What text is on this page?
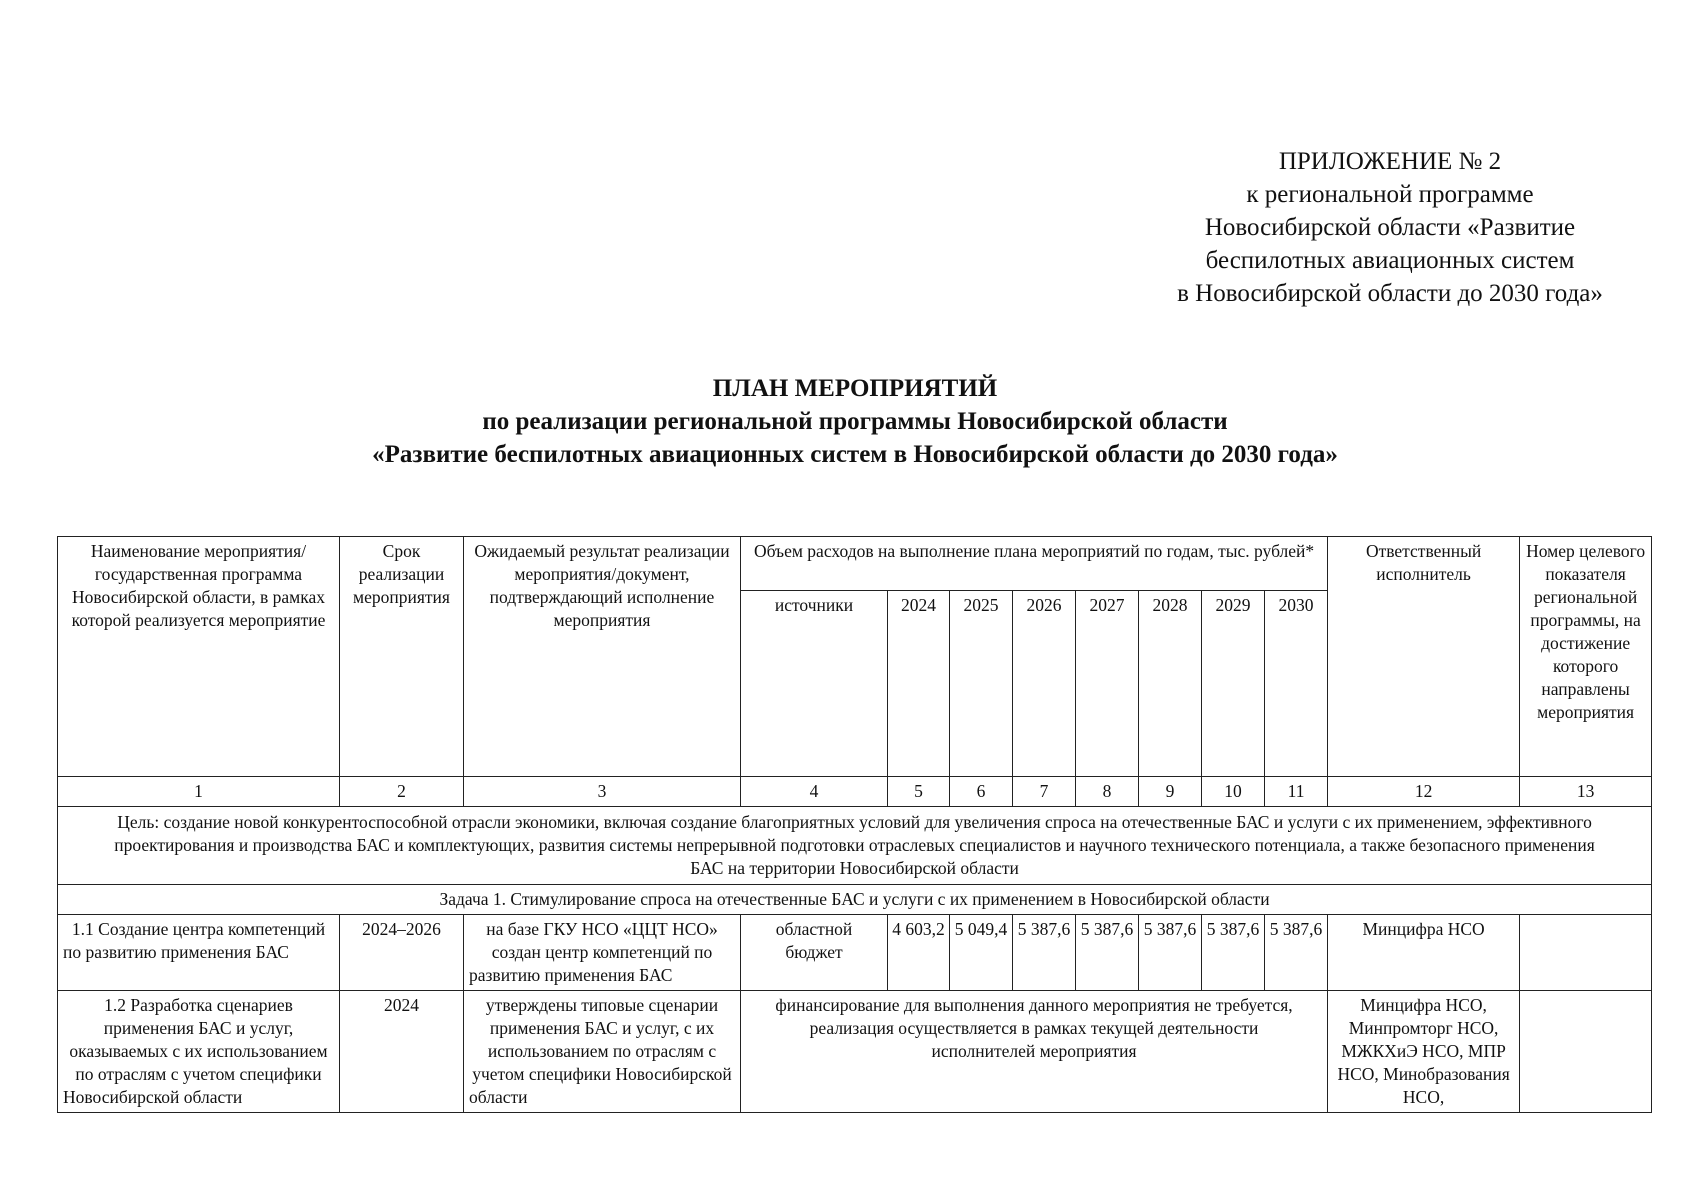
ПРИЛОЖЕНИЕ № 2
к региональной программе
Новосибирской области «Развитие
беспилотных авиационных систем
в Новосибирской области до 2030 года»
ПЛАН МЕРОПРИЯТИЙ
по реализации региональной программы Новосибирской области
«Развитие беспилотных авиационных систем в Новосибирской области до 2030 года»
Наименование мероприятия/государственная программа Новосибирской области, в рамках которой реализуется мероприятие	Срок реализации мероприятия	Ожидаемый результат реализации мероприятия/документ, подтверждающий исполнение мероприятия	Объем расходов на выполнение плана мероприятий по годам, тыс. рублей*								Ответственный исполнитель	Номер целевого показателя региональной программы, на достижение которого направлены мероприятия
			источники	2024	2025	2026	2027	2028	2029	2030		
1	2	3	4	5	6	7	8	9	10	11	12	13
Цель: создание новой конкурентоспособной отрасли экономики, включая создание благоприятных условий для увеличения спроса на отечественные БАС и услуги с их применением, эффективного проектирования и производства БАС и комплектующих, развития системы непрерывной подготовки отраслевых специалистов и научного технического потенциала, а также безопасного применения БАС на территории Новосибирской области												
Задача 1. Стимулирование спроса на отечественные БАС и услуги с их применением в Новосибирской области												
1.1 Создание центра компетенций по развитию применения БАС	2024–2026	на базе ГКУ НСО «ЦЦТ НСО» создан центр компетенций по развитию применения БАС	областной бюджет	4 603,2	5 049,4	5 387,6	5 387,6	5 387,6	5 387,6	5 387,6	Минцифра НСО	
1.2 Разработка сценариев применения БАС и услуг, оказываемых с их использованием по отраслям с учетом специфики Новосибирской области	2024	утверждены типовые сценарии применения БАС и услуг, с их использованием по отраслям с учетом специфики Новосибирской области	финансирование для выполнения данного мероприятия не требуется, реализация осуществляется в рамках текущей деятельности исполнителей мероприятия								Минцифра НСО, Минпромторг НСО, МЖКХиЭ НСО, МПР НСО, Минобразования НСО,	
